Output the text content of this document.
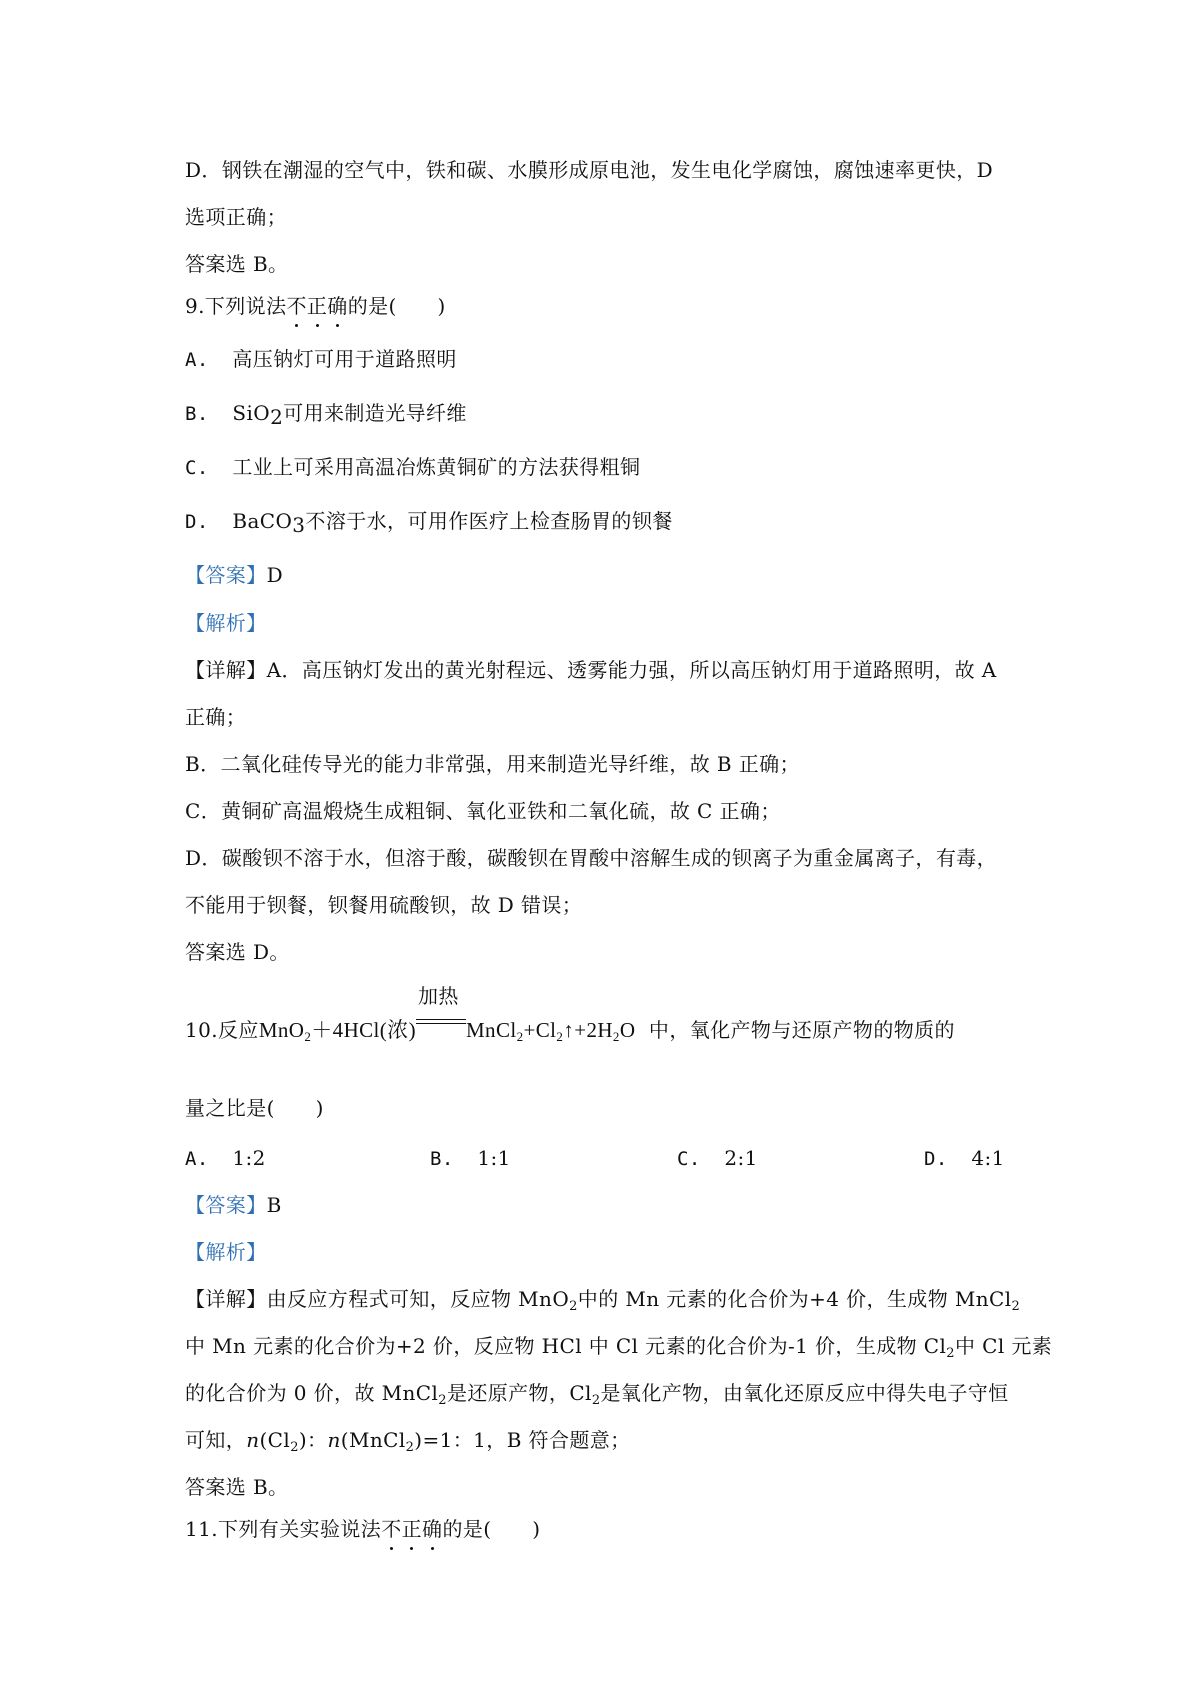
D．钢铁在潮湿的空气中，铁和碳、水膜形成原电池，发生电化学腐蚀，腐蚀速率更快，D

选项正确；

答案选 B。

9.下列说法不正确的是(　　)

A. 高压钠灯可用于道路照明

B. SiO$_2$可用来制造光导纤维

C. 工业上可采用高温冶炼黄铜矿的方法获得粗铜

D. BaCO$_3$不溶于水，可用作医疗上检查肠胃的钡餐

【答案】D

【解析】

【详解】A．高压钠灯发出的黄光射程远、透雾能力强，所以高压钠灯用于道路照明，故 A

正确；

B．二氧化硅传导光的能力非常强，用来制造光导纤维，故 B 正确；

C．黄铜矿高温煅烧生成粗铜、氧化亚铁和二氧化硫，故 C 正确；

D．碳酸钡不溶于水，但溶于酸，碳酸钡在胃酸中溶解生成的钡离子为重金属离子，有毒，

不能用于钡餐，钡餐用硫酸钡，故 D 错误；

答案选 D。

10.反应MnO$_2$＋4HCl(浓)
加热
$MnCl_2+Cl_2↑+2H_2O$ 中，氧化产物与还原产物的物质的

量之比是(　　)

A. 1:2	B. 1:1	C. 2:1	D. 4:1

【答案】B

【解析】

【详解】由反应方程式可知，反应物 MnO$_2$中的 Mn 元素的化合价为+4 价，生成物 MnCl$_2$

中 Mn 元素的化合价为+2 价，反应物 HCl 中 Cl 元素的化合价为-1 价，生成物 $Cl_2$中 Cl 元素

的化合价为 0 价，故 MnCl$_2$是还原产物，$Cl_2$是氧化产物，由氧化还原反应中得失电子守恒

可知，$n(Cl_2)$：n(MnCl$_2$)=1：1，B 符合题意；

答案选 B。

11.下列有关实验说法不正确的是(　　)
